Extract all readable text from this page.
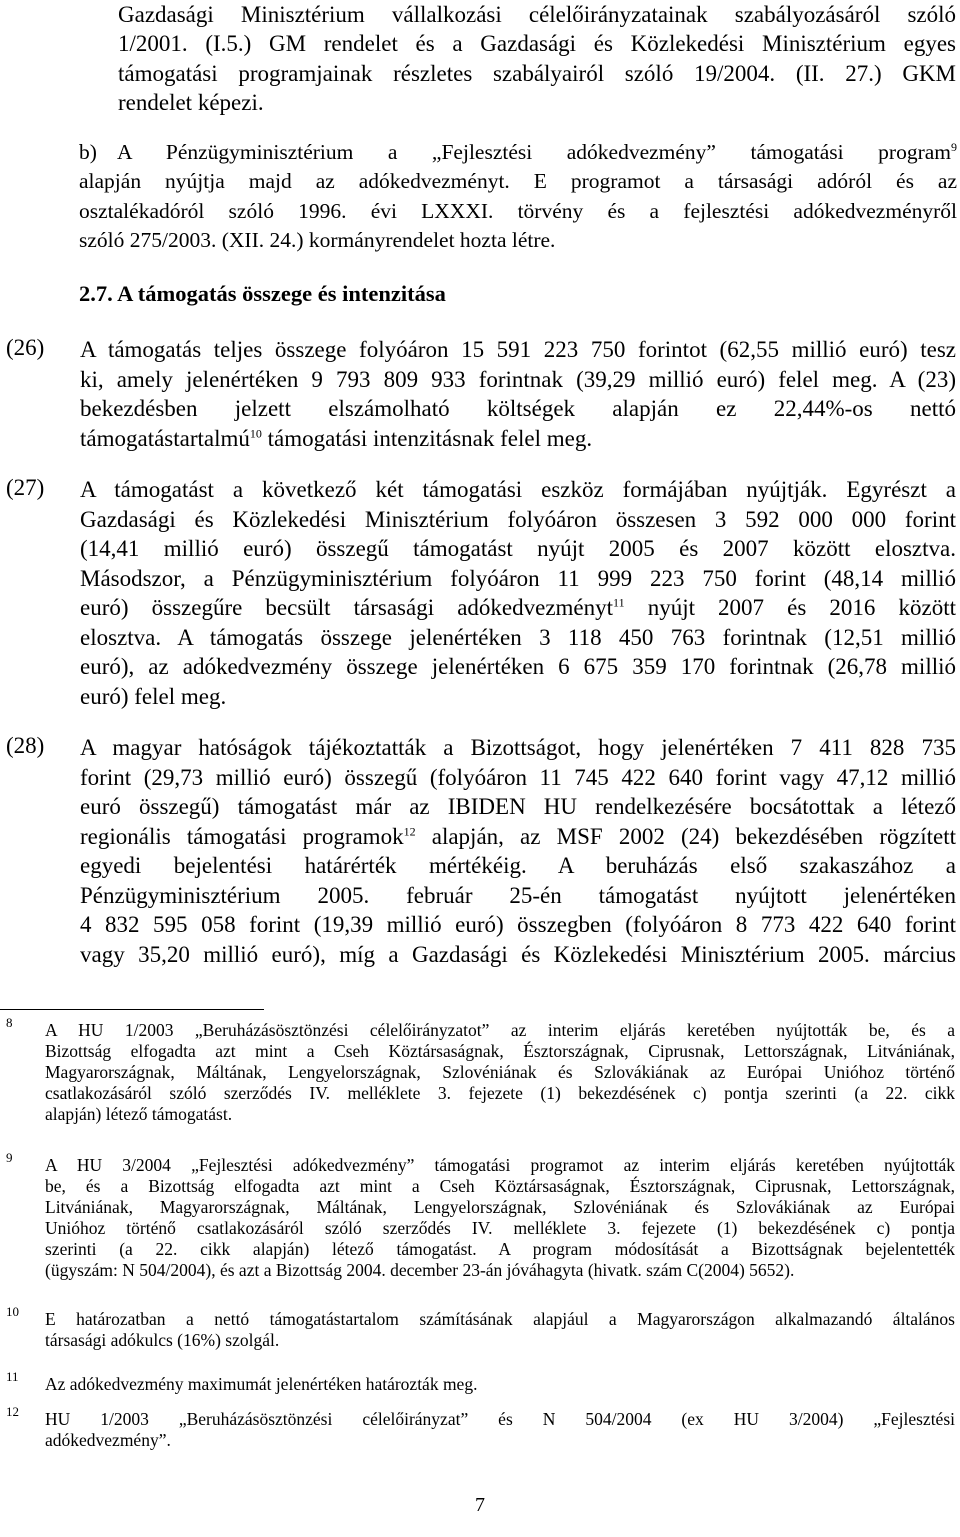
Gazdasági Minisztérium vállalkozási célelőirányzatainak szabályozásáról szóló
1/2001. (I.5.) GM rendelet és a Gazdasági és Közlekedési Minisztérium egyes
támogatási programjainak részletes szabályairól szóló 19/2004. (II. 27.) GKM
rendelet képezi.
b) A Pénzügyminisztérium a „Fejlesztési adókedvezmény” támogatási program$^9$
alapján nyújtja majd az adókedvezményt. E programot a társasági adóról és az
osztalékadóról szóló 1996. évi LXXXI. törvény és a fejlesztési adókedvezményről
szóló 275/2003. (XII. 24.) kormányrendelet hozta létre.
2.7. A támogatás összege és intenzitása
(26) A támogatás teljes összege folyóáron 15 591 223 750 forintot (62,55 millió euró) tesz
ki, amely jelenértéken 9 793 809 933 forintnak (39,29 millió euró) felel meg. A (23)
bekezdésben jelzett elszámolható költségek alapján ez 22,44%-os nettó
támogatástartalmú$^{10}$ támogatási intenzitásnak felel meg.
(27) A támogatást a következő két támogatási eszköz formájában nyújtják. Egyrészt a
Gazdasági és Közlekedési Minisztérium folyóáron összesen 3 592 000 000 forint
(14,41 millió euró) összegű támogatást nyújt 2005 és 2007 között elosztva.
Másodszor, a Pénzügyminisztérium folyóáron 11 999 223 750 forint (48,14 millió
euró) összegűre becsült társasági adókedvezményt$^{11}$ nyújt 2007 és 2016 között
elosztva. A támogatás összege jelenértéken 3 118 450 763 forintnak (12,51 millió
euró), az adókedvezmény összege jelenértéken 6 675 359 170 forintnak (26,78 millió
euró) felel meg.
(28) A magyar hatóságok tájékoztatták a Bizottságot, hogy jelenértéken 7 411 828 735
forint (29,73 millió euró) összegű (folyóáron 11 745 422 640 forint vagy 47,12 millió
euró összegű) támogatást már az IBIDEN HU rendelkezésére bocsátottak a létező
regionális támogatási programok$^{12}$ alapján, az MSF 2002 (24) bekezdésében rögzített
egyedi bejelentési határérték mértékéig. A beruházás első szakaszához a
Pénzügyminisztérium 2005. február 25-én támogatást nyújtott jelenértéken
4 832 595 058 forint (19,39 millió euró) összegben (folyóáron 8 773 422 640 forint
vagy 35,20 millió euró), míg a Gazdasági és Közlekedési Minisztérium 2005. március
8 A HU 1/2003 „Beruházásösztönzési célelőirányzatot” az interim eljárás keretében nyújtották be, és a
Bizottság elfogadta azt mint a Cseh Köztársaságnak, Észtországnak, Ciprusnak, Lettországnak, Litvániának,
Magyarországnak, Máltának, Lengyelországnak, Szlovéniának és Szlovákiának az Európai Unióhoz történő
csatlakozásáról szóló szerződés IV. melléklete 3. fejezete (1) bekezdésének c) pontja szerinti (a 22. cikk
alapján) létező támogatást.
9 A HU 3/2004 „Fejlesztési adókedvezmény” támogatási programot az interim eljárás keretében nyújtották
be, és a Bizottság elfogadta azt mint a Cseh Köztársaságnak, Észtországnak, Ciprusnak, Lettországnak,
Litvániának, Magyarországnak, Máltának, Lengyelországnak, Szlovéniának és Szlovákiának az Európai
Unióhoz történő csatlakozásáról szóló szerződés IV. melléklete 3. fejezete (1) bekezdésének c) pontja
szerinti (a 22. cikk alapján) létező támogatást. A program módosítását a Bizottságnak bejelentették
(ügyszám: N 504/2004), és azt a Bizottság 2004. december 23-án jóváhagyta (hivatk. szám C(2004) 5652).
10 E határozatban a nettó támogatástartalom számításának alapjául a Magyarországon alkalmazandó általános
társasági adókulcs (16%) szolgál.
11 Az adókedvezmény maximumát jelenértéken határozták meg.
12 HU 1/2003 „Beruházásösztönzési célelőirányzat” és N 504/2004 (ex HU 3/2004) „Fejlesztési
adókedvezmény”.
7
